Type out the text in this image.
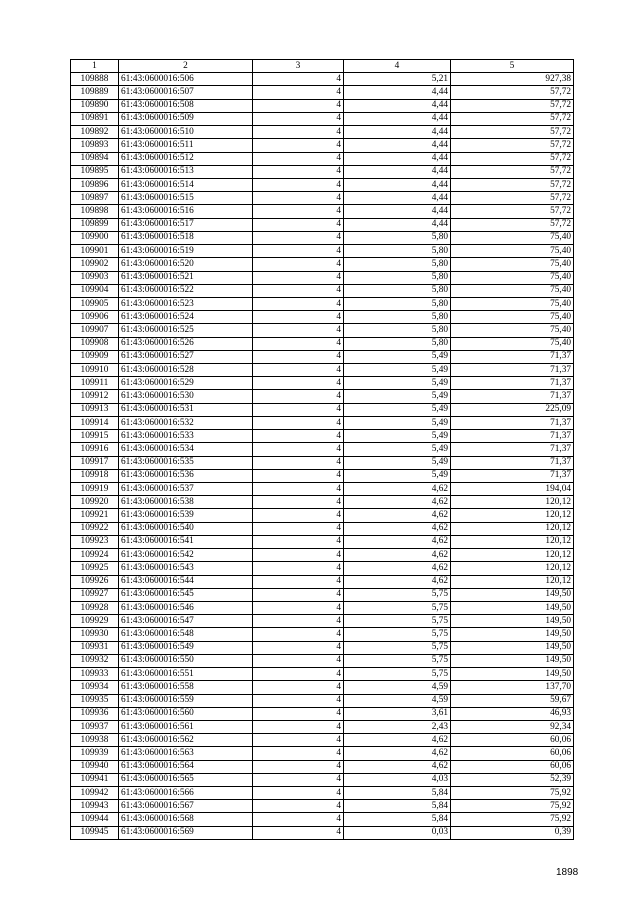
1	2	3	4	5
109888	61:43:0600016:506	4	5,21	927,38
109889	61:43:0600016:507	4	4,44	57,72
109890	61:43:0600016:508	4	4,44	57,72
109891	61:43:0600016:509	4	4,44	57,72
109892	61:43:0600016:510	4	4,44	57,72
109893	61:43:0600016:511	4	4,44	57,72
109894	61:43:0600016:512	4	4,44	57,72
109895	61:43:0600016:513	4	4,44	57,72
109896	61:43:0600016:514	4	4,44	57,72
109897	61:43:0600016:515	4	4,44	57,72
109898	61:43:0600016:516	4	4,44	57,72
109899	61:43:0600016:517	4	4,44	57,72
109900	61:43:0600016:518	4	5,80	75,40
109901	61:43:0600016:519	4	5,80	75,40
109902	61:43:0600016:520	4	5,80	75,40
109903	61:43:0600016:521	4	5,80	75,40
109904	61:43:0600016:522	4	5,80	75,40
109905	61:43:0600016:523	4	5,80	75,40
109906	61:43:0600016:524	4	5,80	75,40
109907	61:43:0600016:525	4	5,80	75,40
109908	61:43:0600016:526	4	5,80	75,40
109909	61:43:0600016:527	4	5,49	71,37
109910	61:43:0600016:528	4	5,49	71,37
109911	61:43:0600016:529	4	5,49	71,37
109912	61:43:0600016:530	4	5,49	71,37
109913	61:43:0600016:531	4	5,49	225,09
109914	61:43:0600016:532	4	5,49	71,37
109915	61:43:0600016:533	4	5,49	71,37
109916	61:43:0600016:534	4	5,49	71,37
109917	61:43:0600016:535	4	5,49	71,37
109918	61:43:0600016:536	4	5,49	71,37
109919	61:43:0600016:537	4	4,62	194,04
109920	61:43:0600016:538	4	4,62	120,12
109921	61:43:0600016:539	4	4,62	120,12
109922	61:43:0600016:540	4	4,62	120,12
109923	61:43:0600016:541	4	4,62	120,12
109924	61:43:0600016:542	4	4,62	120,12
109925	61:43:0600016:543	4	4,62	120,12
109926	61:43:0600016:544	4	4,62	120,12
109927	61:43:0600016:545	4	5,75	149,50
109928	61:43:0600016:546	4	5,75	149,50
109929	61:43:0600016:547	4	5,75	149,50
109930	61:43:0600016:548	4	5,75	149,50
109931	61:43:0600016:549	4	5,75	149,50
109932	61:43:0600016:550	4	5,75	149,50
109933	61:43:0600016:551	4	5,75	149,50
109934	61:43:0600016:558	4	4,59	137,70
109935	61:43:0600016:559	4	4,59	59,67
109936	61:43:0600016:560	4	3,61	46,93
109937	61:43:0600016:561	4	2,43	92,34
109938	61:43:0600016:562	4	4,62	60,06
109939	61:43:0600016:563	4	4,62	60,06
109940	61:43:0600016:564	4	4,62	60,06
109941	61:43:0600016:565	4	4,03	52,39
109942	61:43:0600016:566	4	5,84	75,92
109943	61:43:0600016:567	4	5,84	75,92
109944	61:43:0600016:568	4	5,84	75,92
109945	61:43:0600016:569	4	0,03	0,39
1898
